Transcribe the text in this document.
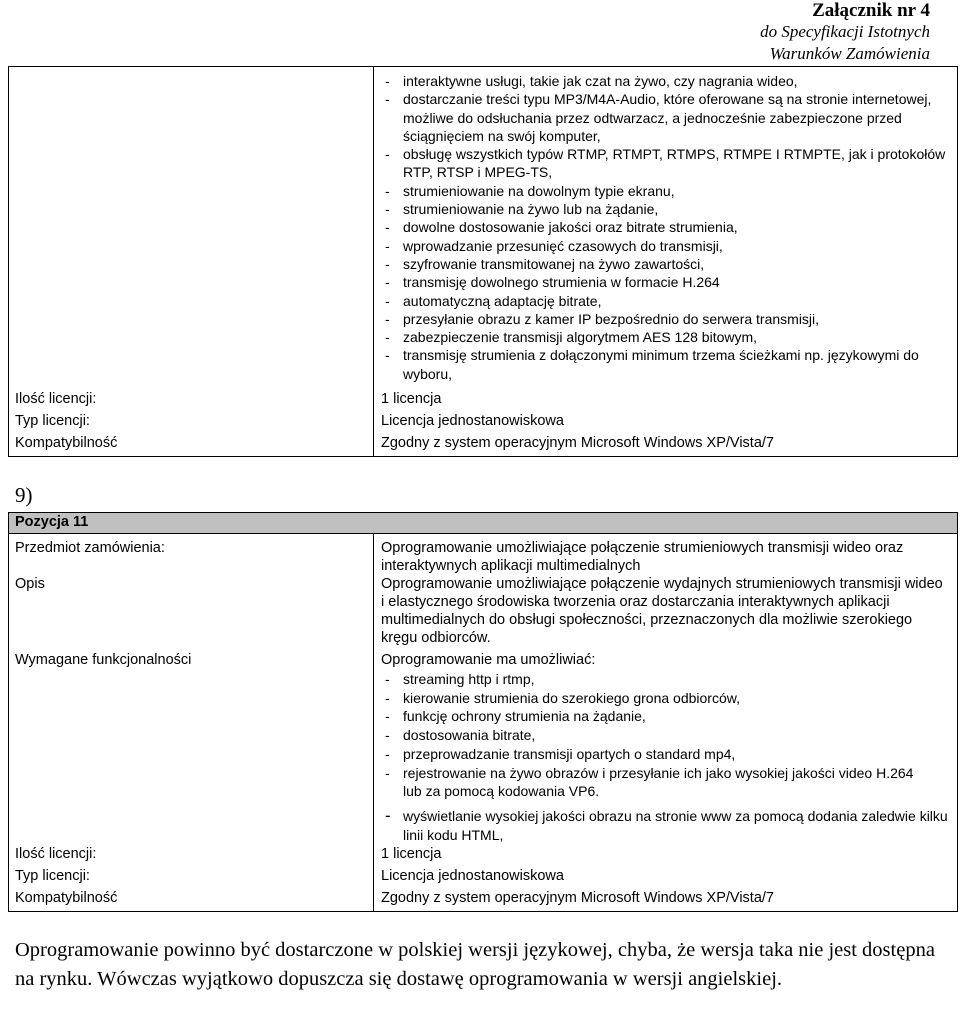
Załącznik nr 4
do Specyfikacji Istotnych
Warunków Zamówienia
- interaktywne usługi, takie jak czat na żywo, czy nagrania wideo,
- dostarczanie treści typu MP3/M4A-Audio, które oferowane są na stronie internetowej, możliwe do odsłuchania przez odtwarzacz, a jednocześnie zabezpieczone przed ściągnięciem na swój komputer,
- obsługę wszystkich typów RTMP, RTMPT, RTMPS, RTMPE I RTMPTE, jak i protokołów RTP, RTSP i MPEG-TS,
- strumieniowanie na dowolnym typie ekranu,
- strumieniowanie na żywo lub na żądanie,
- dowolne dostosowanie jakości oraz bitrate strumienia,
- wprowadzanie przesunięć czasowych do transmisji,
- szyfrowanie transmitowanej na żywo zawartości,
- transmisję dowolnego strumienia w formacie H.264
- automatyczną adaptację bitrate,
- przesyłanie obrazu z kamer IP bezpośrednio do serwera transmisji,
- zabezpieczenie transmisji algorytmem AES 128 bitowym,
- transmisję strumienia z dołączonymi minimum trzema ścieżkami np. językowymi do wyboru,
Ilość licencji:	1 licencja
Typ licencji:	Licencja jednostanowiskowa
Kompatybilność	Zgodny z system operacyjnym Microsoft Windows XP/Vista/7
9)
Pozycja 11
Przedmiot zamówienia:	Oprogramowanie umożliwiające połączenie strumieniowych transmisji wideo oraz interaktywnych aplikacji multimedialnych
Opis	Oprogramowanie umożliwiające połączenie wydajnych strumieniowych transmisji wideo i elastycznego środowiska tworzenia oraz dostarczania interaktywnych aplikacji multimedialnych do obsługi społeczności, przeznaczonych dla możliwie szerokiego kręgu odbiorców.
Wymagane funkcjonalności	Oprogramowanie ma umożliwiać:
- streaming http i rtmp,
- kierowanie strumienia do szerokiego grona odbiorców,
- funkcję ochrony strumienia na żądanie,
- dostosowania bitrate,
- przeprowadzanie transmisji opartych o standard mp4,
- rejestrowanie na żywo obrazów i przesyłanie ich jako wysokiej jakości video H.264 lub za pomocą kodowania VP6.
- wyświetlanie wysokiej jakości obrazu na stronie www za pomocą dodania zaledwie kilku linii kodu HTML,
Ilość licencji:	1 licencja
Typ licencji:	Licencja jednostanowiskowa
Kompatybilność	Zgodny z system operacyjnym Microsoft Windows XP/Vista/7
Oprogramowanie powinno być dostarczone w polskiej wersji językowej, chyba, że wersja taka nie jest dostępna na rynku. Wówczas wyjątkowo dopuszcza się dostawę oprogramowania w wersji angielskiej.
